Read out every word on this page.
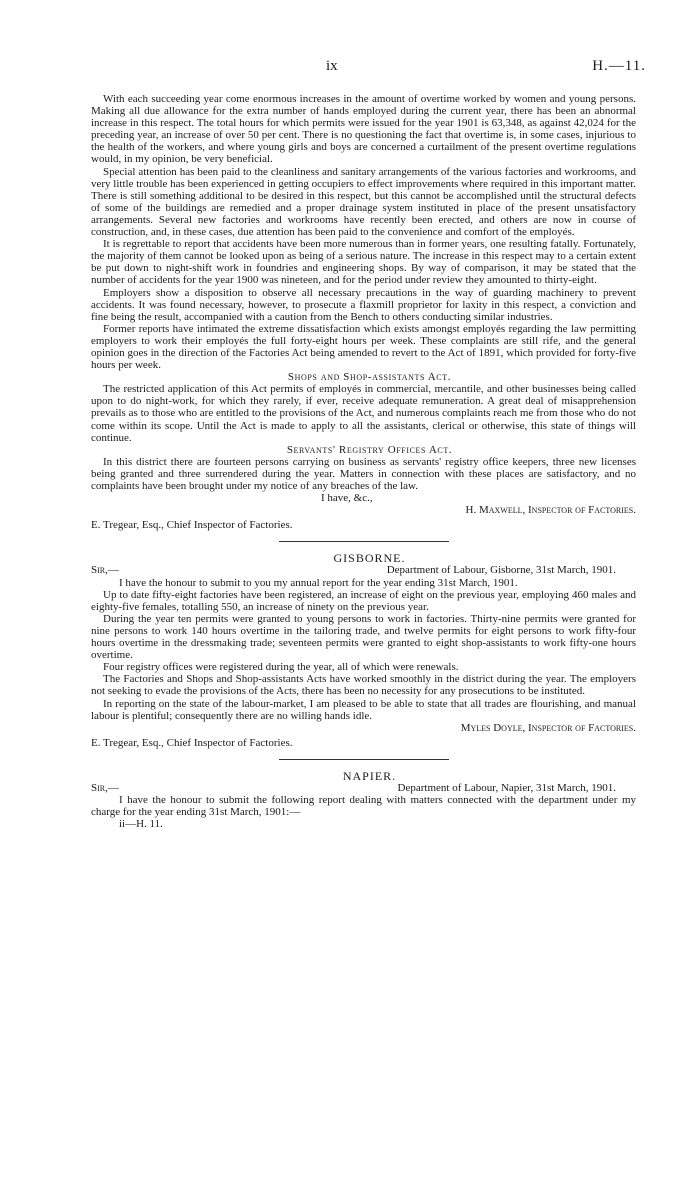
ix	H.—11.

With each succeeding year come enormous increases in the amount of overtime worked by women and young persons. Making all due allowance for the extra number of hands employed during the current year, there has been an abnormal increase in this respect. The total hours for which permits were issued for the year 1901 is 63,348, as against 42,024 for the preceding year, an increase of over 50 per cent. There is no questioning the fact that overtime is, in some cases, injurious to the health of the workers, and where young girls and boys are concerned a curtailment of the present overtime regulations would, in my opinion, be very beneficial.

Special attention has been paid to the cleanliness and sanitary arrangements of the various factories and workrooms, and very little trouble has been experienced in getting occupiers to effect improvements where required in this important matter. There is still something additional to be desired in this respect, but this cannot be accomplished until the structural defects of some of the buildings are remedied and a proper drainage system instituted in place of the present unsatisfactory arrangements. Several new factories and workrooms have recently been erected, and others are now in course of construction, and, in these cases, due attention has been paid to the convenience and comfort of the employés.

It is regrettable to report that accidents have been more numerous than in former years, one resulting fatally. Fortunately, the majority of them cannot be looked upon as being of a serious nature. The increase in this respect may to a certain extent be put down to night-shift work in foundries and engineering shops. By way of comparison, it may be stated that the number of accidents for the year 1900 was nineteen, and for the period under review they amounted to thirty-eight.

Employers show a disposition to observe all necessary precautions in the way of guarding machinery to prevent accidents. It was found necessary, however, to prosecute a flaxmill proprietor for laxity in this respect, a conviction and fine being the result, accompanied with a caution from the Bench to others conducting similar industries.

Former reports have intimated the extreme dissatisfaction which exists amongst employés regarding the law permitting employers to work their employés the full forty-eight hours per week. These complaints are still rife, and the general opinion goes in the direction of the Factories Act being amended to revert to the Act of 1891, which provided for forty-five hours per week.

Shops and Shop-assistants Act.

The restricted application of this Act permits of employés in commercial, mercantile, and other businesses being called upon to do night-work, for which they rarely, if ever, receive adequate remuneration. A great deal of misapprehension prevails as to those who are entitled to the provisions of the Act, and numerous complaints reach me from those who do not come within its scope. Until the Act is made to apply to all the assistants, clerical or otherwise, this state of things will continue.

Servants' Registry Offices Act.

In this district there are fourteen persons carrying on business as servants' registry office keepers, three new licenses being granted and three surrendered during the year. Matters in connection with these places are satisfactory, and no complaints have been brought under my notice of any breaches of the law.

I have, &c.,

H. Maxwell, Inspector of Factories.

E. Tregear, Esq., Chief Inspector of Factories.

GISBORNE.

Sir,—	Department of Labour, Gisborne, 31st March, 1901.

I have the honour to submit to you my annual report for the year ending 31st March, 1901.

Up to date fifty-eight factories have been registered, an increase of eight on the previous year, employing 460 males and eighty-five females, totalling 550, an increase of ninety on the previous year.

During the year ten permits were granted to young persons to work in factories. Thirty-nine permits were granted for nine persons to work 140 hours overtime in the tailoring trade, and twelve permits for eight persons to work fifty-four hours overtime in the dressmaking trade; seventeen permits were granted to eight shop-assistants to work fifty-one hours overtime.

Four registry offices were registered during the year, all of which were renewals.

The Factories and Shops and Shop-assistants Acts have worked smoothly in the district during the year. The employers not seeking to evade the provisions of the Acts, there has been no necessity for any prosecutions to be instituted.

In reporting on the state of the labour-market, I am pleased to be able to state that all trades are flourishing, and manual labour is plentiful; consequently there are no willing hands idle.

Myles Doyle, Inspector of Factories.

E. Tregear, Esq., Chief Inspector of Factories.

NAPIER.

Sir,—	Department of Labour, Napier, 31st March, 1901.

I have the honour to submit the following report dealing with matters connected with the department under my charge for the year ending 31st March, 1901:—

ii—H. 11.
